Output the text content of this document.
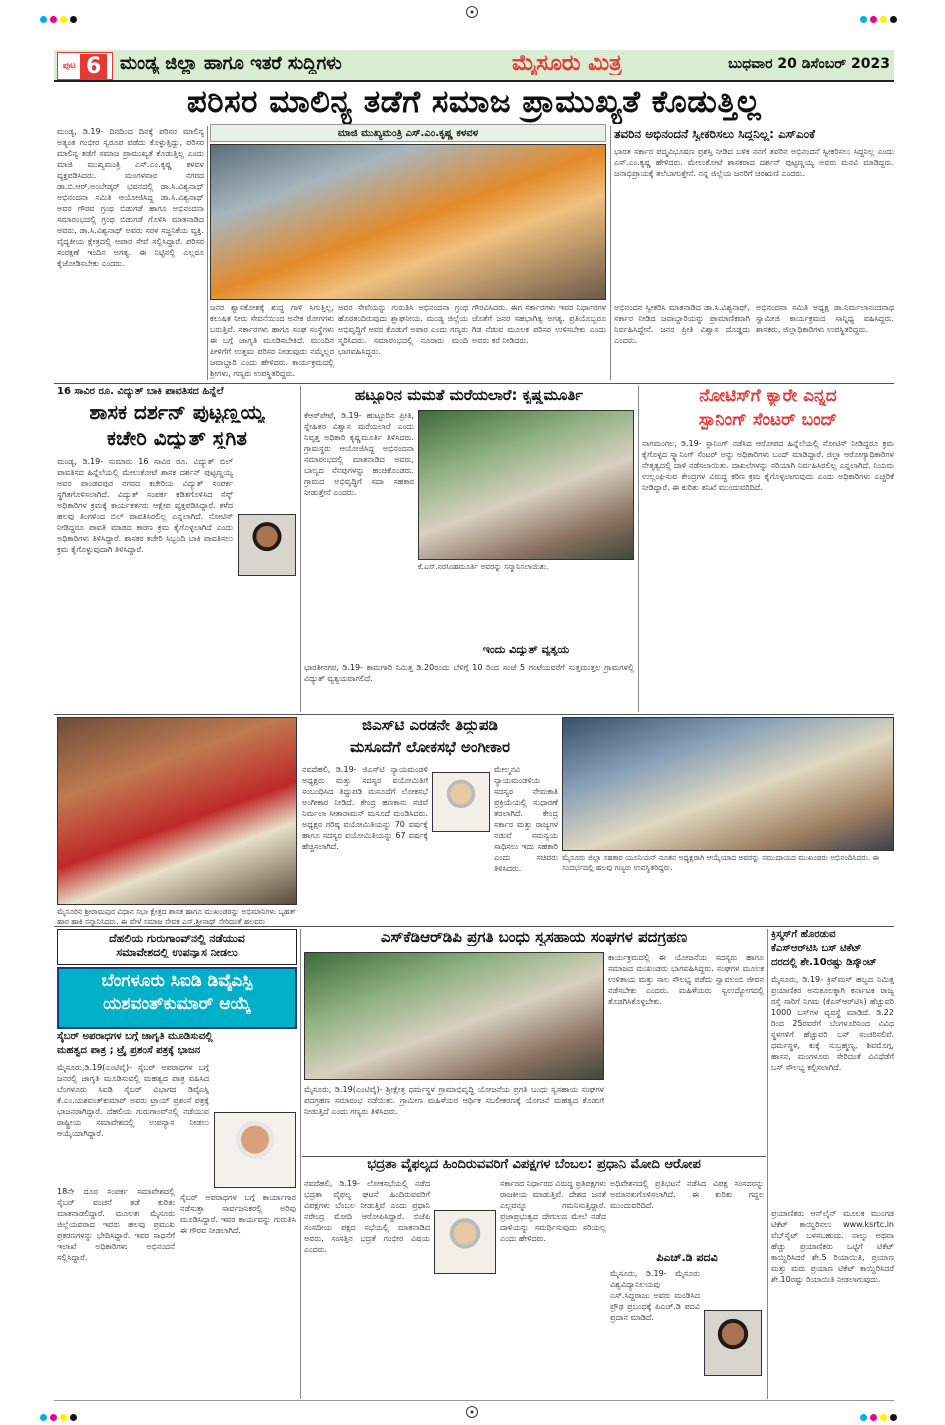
ಪುಟ 6	ಮಂಡ್ಯ ಜಿಲ್ಲಾ ಹಾಗೂ ಇತರೆ ಸುದ್ದಿಗಳು	ಮೈಸೂರು ಮಿತ್ರ	ಬುಧವಾರ 20 ಡಿಸೆಂಬರ್ 2023
ಪರಿಸರ ಮಾಲಿನ್ಯ ತಡೆಗೆ ಸಮಾಜ ಪ್ರಾಮುಖ್ಯತೆ ಕೊಡುತ್ತಿಲ್ಲ
ಮಾಜಿ ಮುಖ್ಯಮಂತ್ರಿ ಎಸ್.ಎಂ.ಕೃಷ್ಣ ಕಳವಳ
ಮಂಡ್ಯ, ಡಿ.19- ದಿನದಿಂದ ದಿನಕ್ಕೆ ಪರಿಸರ ಮಾಲಿನ್ಯ ಅತ್ಯಂತ ಗಂಭೀರ ಸ್ವರೂಪ ಪಡೆದು ಕೊಳ್ಳುತ್ತಿದ್ದು, ಪರಿಸರ ಮಾಲಿನ್ಯ ತಡೆಗೆ ಸಮಾಜ ಪ್ರಾಮುಖ್ಯತೆ ಕೊಡುತ್ತಿಲ್ಲ ಎಂದು ಮಾಜಿ ಮುಖ್ಯಮಂತ್ರಿ ಎಸ್.ಎಂ.ಕೃಷ್ಣ ಕಳವಳ ವ್ಯಕ್ತಪಡಿಸಿದರು. ಮಂಗಳವಾರ ನಗರದ ಡಾ.ಬಿ.ಆರ್.ಅಂಬೇಡ್ಕರ್ ಭವನದಲ್ಲಿ ಡಾ.ಸಿ.ವಿಶ್ವನಾಥ್ ಅಭಿನಂದನಾ ಸಮಿತಿ ಆಯೋಜಿಸಿದ್ದ ಡಾ.ಸಿ.ವಿಶ್ವನಾಥ್ ಅವರ ಗೌರವ ಗ್ರಂಥ ಬಿಡುಗಡೆ ಹಾಗೂ ಅಭಿನಂದನಾ ಸಮಾರಂಭದಲ್ಲಿ ಗ್ರಂಥ ಬಿಡುಗಡೆ ಗೊಳಿಸಿ ಮಾತನಾಡಿದ ಅವರು, ಡಾ.ಸಿ.ವಿಶ್ವನಾಥ್ ಅವರು ಸರಳ ಸಜ್ಜನಿಕೆಯ ವ್ಯಕ್ತಿ. ವೈದ್ಯಕೀಯ ಕ್ಷೇತ್ರದಲ್ಲಿ ಅಪಾರ ಸೇವೆ ಸಲ್ಲಿಸಿದ್ದಾರೆ. ಪರಿಸರ ಸಂರಕ್ಷಣೆ ಇಂದಿನ ಅಗತ್ಯ. ಈ ನಿಟ್ಟಿನಲ್ಲಿ ಎಲ್ಲರೂ ಕೈಜೋಡಿಸಬೇಕು ಎಂದರು.
ಜನರ ಶ್ವಾಸಕೋಶಕ್ಕೆ ಶುದ್ಧ ಗಾಳಿ ಸಿಗುತ್ತಿಲ್ಲ, ಕಲುಷಿತ ನೀರು ಸೇವನೆಯಿಂದ ಅನೇಕ ರೋಗಗಳು ಬರುತ್ತಿವೆ. ಸರ್ಕಾರಗಳು ಹಾಗೂ ಸಂಘ ಸಂಸ್ಥೆಗಳು ಈ ಬಗ್ಗೆ ಜಾಗೃತಿ ಮೂಡಿಸಬೇಕಿದೆ. ಮುಂದಿನ ಪೀಳಿಗೆಗೆ ಉತ್ತಮ ಪರಿಸರ ನೀಡುವುದು ನಮ್ಮೆಲ್ಲರ ಜವಾಬ್ದಾರಿ ಎಂದು ಹೇಳಿದರು. ಕಾರ್ಯಕ್ರಮದಲ್ಲಿ ಶ್ರೀಗಳು, ಗಣ್ಯರು ಉಪಸ್ಥಿತರಿದ್ದರು.
ಅವರ ಸೇವೆಯನ್ನು ಗುರುತಿಸಿ ಅಭಿನಂದನಾ ಗ್ರಂಥ ಹೊರತಂದಿರುವುದು ಶ್ಲಾಘನೀಯ. ಮಂಡ್ಯ ಜಿಲ್ಲೆಯ ಅಭಿವೃದ್ಧಿಗೆ ಅವರ ಕೊಡುಗೆ ಅಪಾರ ಎಂದು ಗಣ್ಯರು ಸ್ಮರಿಸಿದರು. ಸಮಾರಂಭದಲ್ಲಿ ನೂರಾರು ಮಂದಿ ಭಾಗವಹಿಸಿದ್ದರು.
ಗೌರವಿಸಿದರು. ಈಗ ಸರ್ಕಾರಗಳು ಇವರ ನಿರ್ಧಾರಗಳ ಜೊತೆಗೆ ಜನರ ಸಹಭಾಗಿತ್ವ ಅಗತ್ಯ. ಪ್ರತಿಯೊಬ್ಬರೂ ಗಿಡ ನೆಡುವ ಮೂಲಕ ಪರಿಸರ ಉಳಿಸಬೇಕು ಎಂದು ಅವರು ಕರೆ ನೀಡಿದರು.
ತವರಿನ ಅಭಿನಂದನೆ ಸ್ವೀಕರಿಸಲು ಸಿದ್ಧನಿಲ್ಲ: ಎಸ್‌ಎಂಕೆ
ಭಾರತ ಸರ್ಕಾರ ಪದ್ಮವಿಭೂಷಣ ಪ್ರಶಸ್ತಿ ನೀಡಿದ ಬಳಿಕ ನನಗೆ ತವರಿನ ಅಭಿನಂದನೆ ಸ್ವೀಕರಿಸಲು ಸಿದ್ಧನಿಲ್ಲ ಎಂದು ಎಸ್.ಎಂ.ಕೃಷ್ಣ ಹೇಳಿದರು. ಮೇಲುಕೋಟೆ ಶಾಸಕರಾದ ದರ್ಶನ್ ಪುಟ್ಟಣ್ಣಯ್ಯ ಅವರು ಮನವಿ ಮಾಡಿದ್ದರು. ಜನಾಭಿಪ್ರಾಯಕ್ಕೆ ತಲೆಬಾಗುತ್ತೇನೆ. ನನ್ನ ಜಿಲ್ಲೆಯ ಜನರಿಗೆ ಚಿರಋಣಿ ಎಂದರು.
ಅಭಿನಂದನ ಸ್ವೀಕರಿಸಿ ಮಾತನಾಡಿದ ಡಾ.ಸಿ.ವಿಶ್ವನಾಥ್, ಸರ್ಕಾರ ನೀಡಿದ ಜವಾಬ್ದಾರಿಯನ್ನು ಪ್ರಾಮಾಣಿಕವಾಗಿ ನಿರ್ವಹಿಸಿದ್ದೇನೆ. ಜನರ ಪ್ರೀತಿ ವಿಶ್ವಾಸ ದೊಡ್ಡದು ಎಂದರು.
ಅಭಿನಂದನಾ ಸಮಿತಿ ಅಧ್ಯಕ್ಷ ಡಾ.ನಿರ್ಮಲಾನಂದನಾಥ ಸ್ವಾಮೀಜಿ ಕಾರ್ಯಕ್ರಮದ ಸಾನ್ನಿಧ್ಯ ವಹಿಸಿದ್ದರು. ಶಾಸಕರು, ಜಿಲ್ಲಾಧಿಕಾರಿಗಳು ಉಪಸ್ಥಿತರಿದ್ದರು.
16 ಸಾವಿರ ರೂ. ವಿದ್ಯುತ್ ಬಾಕಿ ಪಾವತಿಸದ ಹಿನ್ನೆಲೆ
ಶಾಸಕ ದರ್ಶನ್ ಪುಟ್ಟಣ್ಣಯ್ಯ
ಕಚೇರಿ ವಿದ್ಯುತ್ ಸ್ಥಗಿತ
ಮಂಡ್ಯ, ಡಿ.19- ಸುಮಾರು 16 ಸಾವಿರ ರೂ. ವಿದ್ಯುತ್ ಬಿಲ್ ಪಾವತಿಸದ ಹಿನ್ನೆಲೆಯಲ್ಲಿ ಮೇಲುಕೋಟೆ ಶಾಸಕ ದರ್ಶನ್ ಪುಟ್ಟಣ್ಣಯ್ಯ ಅವರ ಪಾಂಡವಪುರ ನಗರದ ಕಚೇರಿಯ ವಿದ್ಯುತ್ ಸಂಪರ್ಕ ಸ್ಥಗಿತಗೊಳಿಸಲಾಗಿದೆ. ವಿದ್ಯುತ್ ಸಂಪರ್ಕ ಕಡಿತಗೊಳಿಸಿದ ಸೆಸ್ಕ್ ಅಧಿಕಾರಿಗಳ ಕ್ರಮಕ್ಕೆ ಕಾರ್ಯಕರ್ತರು ಆಕ್ಷೇಪ ವ್ಯಕ್ತಪಡಿಸಿದ್ದಾರೆ. ಕಳೆದ ಹಲವು ತಿಂಗಳಿಂದ ಬಿಲ್ ಪಾವತಿಸಿರಲಿಲ್ಲ ಎನ್ನಲಾಗಿದೆ. ನೋಟಿಸ್ ನೀಡಿದ್ದರೂ ಪಾವತಿ ಮಾಡದ ಕಾರಣ ಕ್ರಮ ಕೈಗೊಳ್ಳಲಾಗಿದೆ ಎಂದು ಅಧಿಕಾರಿಗಳು ತಿಳಿಸಿದ್ದಾರೆ. ಶಾಸಕರ ಕಚೇರಿ ಸಿಬ್ಬಂದಿ ಬಾಕಿ ಪಾವತಿಸಲು ಕ್ರಮ ಕೈಗೊಳ್ಳುವುದಾಗಿ ತಿಳಿಸಿದ್ದಾರೆ.
ಹಟ್ಟೂರಿನ ಮಮತೆ ಮರೆಯಲಾರೆ: ಕೃಷ್ಣಮೂರ್ತಿ
ಕೆಆರ್‌ಪೇಟೆ, ಡಿ.19- ಹುಟ್ಟೂರಿನ ಪ್ರೀತಿ, ಸ್ನೇಹಿತರ ವಿಶ್ವಾಸ ಮರೆಯಲಾರೆ ಎಂದು ನಿವೃತ್ತ ಅಧಿಕಾರಿ ಕೃಷ್ಣಮೂರ್ತಿ ತಿಳಿಸಿದರು. ಗ್ರಾಮಸ್ಥರು ಆಯೋಜಿಸಿದ್ದ ಅಭಿನಂದನಾ ಸಮಾರಂಭದಲ್ಲಿ ಮಾತನಾಡಿದ ಅವರು, ಬಾಲ್ಯದ ನೆನಪುಗಳನ್ನು ಹಂಚಿಕೊಂಡರು. ಗ್ರಾಮದ ಅಭಿವೃದ್ಧಿಗೆ ಸದಾ ಸಹಕಾರ ನೀಡುತ್ತೇನೆ ಎಂದರು.
ಕೆ.ಎಸ್.ನರಸಿಂಹಮೂರ್ತಿ ಅವರನ್ನು ಸನ್ಮಾನಿಸಲಾಯಿತು.
ಇಂದು ವಿದ್ಯುತ್ ವ್ಯತ್ಯಯ
ಭಾರತೀನಗರ, ಡಿ.19- ಕಾಮಗಾರಿ ನಿಮಿತ್ತ ಡಿ.20ರಂದು ಬೆಳಿಗ್ಗೆ 10 ರಿಂದ ಸಂಜೆ 5 ಗಂಟೆಯವರೆಗೆ ಸುತ್ತಮುತ್ತಲ ಗ್ರಾಮಗಳಲ್ಲಿ ವಿದ್ಯುತ್ ವ್ಯತ್ಯಯವಾಗಲಿದೆ.
ನೋಟಿಸ್‌ಗೆ ಕ್ಯಾರೇ ಎನ್ನದ
ಸ್ಪಾನಿಂಗ್ ಸೆಂಟರ್ ಬಂದ್
ನಾಗಮಂಗಲ, ಡಿ.19- ಸ್ಪಾನಿಂಗ್ ನಡೆಸಿದ ಆರೋಪದ ಹಿನ್ನೆಲೆಯಲ್ಲಿ ನೋಟಿಸ್ ನೀಡಿದ್ದರೂ ಕ್ರಮ ಕೈಗೊಳ್ಳದ ಸ್ಕ್ಯಾನಿಂಗ್ ಸೆಂಟರ್ ಅನ್ನು ಅಧಿಕಾರಿಗಳು ಬಂದ್ ಮಾಡಿದ್ದಾರೆ. ಜಿಲ್ಲಾ ಆರೋಗ್ಯಾಧಿಕಾರಿಗಳ ನೇತೃತ್ವದಲ್ಲಿ ದಾಳಿ ನಡೆಸಲಾಯಿತು. ದಾಖಲೆಗಳನ್ನು ಸರಿಯಾಗಿ ನಿರ್ವಹಿಸಿರಲಿಲ್ಲ ಎನ್ನಲಾಗಿದೆ. ನಿಯಮ ಉಲ್ಲಂಘಿಸುವ ಕೇಂದ್ರಗಳ ವಿರುದ್ಧ ಕಠಿಣ ಕ್ರಮ ಕೈಗೊಳ್ಳಲಾಗುವುದು ಎಂದು ಅಧಿಕಾರಿಗಳು ಎಚ್ಚರಿಕೆ ನೀಡಿದ್ದಾರೆ. ಈ ಕುರಿತು ತನಿಖೆ ಮುಂದುವರಿದಿದೆ.
ಮೈಸೂರಿನ ಶ್ರೀರಾಮಪುರ ವಿಧಾನ ಸಭಾ ಕ್ಷೇತ್ರದ ಶಾಸಕ ಹಾಗೂ ಮುಖಂಡರನ್ನು ಅಭಿಮಾನಿಗಳು ಬೃಹತ್ ಹಾರ ಹಾಕಿ ಸನ್ಮಾನಿಸಿದರು. ಈ ವೇಳೆ ಸಮಾಜ ಸೇವಕ ಎಸ್.ಶ್ರೀನಾಥ್ ಸೇರಿದಂತೆ ಹಲವರು
ಜಿಎಸ್‌ಟಿ ಎರಡನೇ ತಿದ್ದುಪಡಿ
ಮಸೂದೆಗೆ ಲೋಕಸಭೆ ಅಂಗೀಕಾರ
ನವದೆಹಲಿ, ಡಿ.19- ಜಿಎಸ್‌ಟಿ ನ್ಯಾಯಮಂಡಳಿ ಅಧ್ಯಕ್ಷರು ಮತ್ತು ಸದಸ್ಯರ ವಯೋಮಿತಿಗೆ ಸಂಬಂಧಿಸಿದ ತಿದ್ದುಪಡಿ ಮಸೂದೆಗೆ ಲೋಕಸಭೆ ಅಂಗೀಕಾರ ನೀಡಿದೆ. ಕೇಂದ್ರ ಹಣಕಾಸು ಸಚಿವೆ ನಿರ್ಮಲಾ ಸೀತಾರಾಮನ್ ಮಸೂದೆ ಮಂಡಿಸಿದರು. ಅಧ್ಯಕ್ಷರ ಗರಿಷ್ಠ ವಯೋಮಿತಿಯನ್ನು 70 ವರ್ಷಕ್ಕೆ ಹಾಗೂ ಸದಸ್ಯರ ವಯೋಮಿತಿಯನ್ನು 67 ವರ್ಷಕ್ಕೆ ಹೆಚ್ಚಿಸಲಾಗಿದೆ.
ಮೇಲ್ಮನವಿ ನ್ಯಾಯಮಂಡಳಿಯ ಸದಸ್ಯರ ನೇಮಕಾತಿ ಪ್ರಕ್ರಿಯೆಯಲ್ಲಿ ಸುಧಾರಣೆ ತರಲಾಗಿದೆ. ಕೇಂದ್ರ ಸರ್ಕಾರ ಮತ್ತು ರಾಜ್ಯಗಳ ನಡುವೆ ಸಮನ್ವಯ ಸಾಧಿಸಲು ಇದು ಸಹಕಾರಿ ಎಂದು ಸಚಿವರು ತಿಳಿಸಿದರು.
ಮೈಸೂರು ಜಿಲ್ಲಾ ಸಹಕಾರ ಯೂನಿಯನ್ ನೂತನ ಅಧ್ಯಕ್ಷರಾಗಿ ಆಯ್ಕೆಯಾದ ಅವರನ್ನು ಸಮುದಾಯದ ಮುಖಂಡರು ಅಭಿನಂದಿಸಿದರು. ಈ ಸಂದರ್ಭದಲ್ಲಿ ಹಲವು ಗಣ್ಯರು ಉಪಸ್ಥಿತರಿದ್ದರು.
ದೆಹಲಿಯ ಗುರುಗಾಂವ್‌ನಲ್ಲಿ ನಡೆಯುವ
ಸಮಾವೇಶದಲ್ಲಿ ಉಪನ್ಯಾಸ ನೀಡಲು
ಬೆಂಗಳೂರು ಸಿಐಡಿ ಡಿವೈಎಸ್ಪಿ
ಯಶವಂತ್‌ಕುಮಾರ್ ಆಯ್ಕೆ
ಸೈಬರ್ ಅಪರಾಧಗಳ ಬಗ್ಗೆ ಜಾಗೃತಿ ಮೂಡಿಸುವಲ್ಲಿ
ಮಹತ್ವದ ಪಾತ್ರ ; ಟ್ರೈ ಪ್ರಶಂಸೆ ಪತ್ರಕ್ಕೆ ಭಾಜನ
ಮೈಸೂರು,ಡಿ.19(ಎಂಟಿವೈ)- ಸೈಬರ್ ಅಪರಾಧಗಳ ಬಗ್ಗೆ ಜನರಲ್ಲಿ ಜಾಗೃತಿ ಮೂಡಿಸುವಲ್ಲಿ ಮಹತ್ವದ ಪಾತ್ರ ವಹಿಸಿದ ಬೆಂಗಳೂರು ಸಿಐಡಿ ಸೈಬರ್ ವಿಭಾಗದ ಡಿವೈಎಸ್ಪಿ ಕೆ.ಎಂ.ಯಶವಂತ್‌ಕುಮಾರ್ ಅವರು ಟ್ರಾಯ್ ಪ್ರಶಂಸೆ ಪತ್ರಕ್ಕೆ ಭಾಜನರಾಗಿದ್ದಾರೆ. ದೆಹಲಿಯ ಗುರುಗಾಂವ್‌ನಲ್ಲಿ ನಡೆಯುವ ರಾಷ್ಟ್ರೀಯ ಸಮಾವೇಶದಲ್ಲಿ ಉಪನ್ಯಾಸ ನೀಡಲು ಆಯ್ಕೆಯಾಗಿದ್ದಾರೆ.
18ನೇ ದೂರ ಸಂಪರ್ಕ ಸಮಾವೇಶದಲ್ಲಿ ಸೈಬರ್ ವಂಚನೆ ತಡೆ ಕುರಿತು ಮಾತನಾಡಲಿದ್ದಾರೆ. ಮೂಲತಃ ಮೈಸೂರು ಜಿಲ್ಲೆಯವರಾದ ಇವರು ಹಲವು ಪ್ರಮುಖ ಪ್ರಕರಣಗಳನ್ನು ಭೇದಿಸಿದ್ದಾರೆ. ಇವರ ಸಾಧನೆಗೆ ಇಲಾಖೆ ಅಧಿಕಾರಿಗಳು ಅಭಿನಂದನೆ ಸಲ್ಲಿಸಿದ್ದಾರೆ.
ಸೈಬರ್ ಅಪರಾಧಗಳ ಬಗ್ಗೆ ಕಾರ್ಯಾಗಾರ ನಡೆಸುತ್ತಾ ಸಾರ್ವಜನಿಕರಲ್ಲಿ ಅರಿವು ಮೂಡಿಸಿದ್ದಾರೆ. ಇವರ ಕಾರ್ಯವನ್ನು ಗುರುತಿಸಿ ಈ ಗೌರವ ನೀಡಲಾಗಿದೆ.
ಎಸ್‌ಕೆಡಿಆರ್‌ಡಿಪಿ ಪ್ರಗತಿ ಬಂಧು ಸ್ವಸಹಾಯ ಸಂಘಗಳ ಪದಗ್ರಹಣ
ಮೈಸೂರು, ಡಿ.19(ಎಂಟಿವೈ)- ಶ್ರೀಕ್ಷೇತ್ರ ಧರ್ಮಸ್ಥಳ ಗ್ರಾಮಾಭಿವೃದ್ಧಿ ಯೋಜನೆಯ ಪ್ರಗತಿ ಬಂಧು ಸ್ವಸಹಾಯ ಸಂಘಗಳ ಪದಗ್ರಹಣ ಸಮಾರಂಭ ನಡೆಯಿತು. ಗ್ರಾಮೀಣ ಮಹಿಳೆಯರ ಆರ್ಥಿಕ ಸಬಲೀಕರಣಕ್ಕೆ ಯೋಜನೆ ಮಹತ್ವದ ಕೊಡುಗೆ ನೀಡುತ್ತಿದೆ ಎಂದು ಗಣ್ಯರು ತಿಳಿಸಿದರು.
ಕಾರ್ಯಕ್ರಮದಲ್ಲಿ ಈ ಯೋಜನೆಯ ಸದಸ್ಯರು ಹಾಗೂ ಸಮಾಜದ ಮುಖಂಡರು ಭಾಗವಹಿಸಿದ್ದರು. ಸಂಘಗಳ ಮೂಲಕ ಉಳಿತಾಯ ಮತ್ತು ಸಾಲ ಸೌಲಭ್ಯ ಪಡೆದು ಸ್ವಾವಲಂಬಿ ಜೀವನ ನಡೆಸಬೇಕು ಎಂದರು. ಮಹಿಳೆಯರು ಸ್ವಉದ್ಯೋಗದಲ್ಲಿ ತೊಡಗಿಸಿಕೊಳ್ಳಬೇಕು.
ಕ್ರಿಸ್ಮಸ್‌ಗೆ ಹೊರಡುವ
ಕೆಎಸ್‌ಆರ್‌ಟಿಸಿ ಬಸ್ ಟಿಕೆಟ್
ದರದಲ್ಲಿ ಶೇ.10ರಷ್ಟು ಡಿಸ್ಕೌಂಟ್
ಮೈಸೂರು, ಡಿ.19- ಕ್ರಿಸ್‌ಮಸ್ ಹಬ್ಬದ ನಿಮಿತ್ತ ಪ್ರಯಾಣಿಕರ ಅನುಕೂಲಕ್ಕಾಗಿ ಕರ್ನಾಟಕ ರಾಜ್ಯ ರಸ್ತೆ ಸಾರಿಗೆ ನಿಗಮ (ಕೆಎಸ್‌ಆರ್‌ಟಿಸಿ) ಹೆಚ್ಚುವರಿ 1000 ಬಸ್‌ಗಳ ವ್ಯವಸ್ಥೆ ಮಾಡಿದೆ. ಡಿ.22 ರಿಂದ 25ರವರೆಗೆ ಬೆಂಗಳೂರಿನಿಂದ ವಿವಿಧ ಸ್ಥಳಗಳಿಗೆ ಹೆಚ್ಚುವರಿ ಬಸ್ ಸಂಚರಿಸಲಿವೆ. ಧರ್ಮಸ್ಥಳ, ಕುಕ್ಕೆ ಸುಬ್ರಹ್ಮಣ್ಯ, ಶಿವಮೊಗ್ಗ, ಹಾಸನ, ಮಂಗಳೂರು ಸೇರಿದಂತೆ ವಿವಿಧೆಡೆಗೆ ಬಸ್ ಸೌಲಭ್ಯ ಕಲ್ಪಿಸಲಾಗಿದೆ.
ಪ್ರಯಾಣಿಕರು ಆನ್‌ಲೈನ್ ಮೂಲಕ ಮುಂಗಡ ಟಿಕೆಟ್ ಕಾಯ್ದಿರಿಸಲು www.ksrtc.in ವೆಬ್‌ಸೈಟ್ ಬಳಸಬಹುದು. ನಾಲ್ಕು ಅಥವಾ ಹೆಚ್ಚು ಪ್ರಯಾಣಿಕರು ಒಟ್ಟಿಗೆ ಟಿಕೆಟ್ ಕಾಯ್ದಿರಿಸಿದರೆ ಶೇ.5 ರಿಯಾಯಿತಿ, ಪ್ರಯಾಣ ಮತ್ತು ಮರು ಪ್ರಯಾಣ ಟಿಕೆಟ್ ಕಾಯ್ದಿರಿಸಿದರೆ ಶೇ.10ರಷ್ಟು ರಿಯಾಯಿತಿ ನೀಡಲಾಗುವುದು.
ಭದ್ರತಾ ವೈಫಲ್ಯದ ಹಿಂದಿರುವವರಿಗೆ ವಿಪಕ್ಷಗಳ ಬೆಂಬಲ: ಪ್ರಧಾನಿ ಮೋದಿ ಆರೋಪ
ನವದೆಹಲಿ, ಡಿ.19- ಲೋಕಸಭೆಯಲ್ಲಿ ನಡೆದ ಭದ್ರತಾ ವೈಫಲ್ಯ ಘಟನೆ ಹಿಂದಿರುವವರಿಗೆ ವಿಪಕ್ಷಗಳು ಬೆಂಬಲ ನೀಡುತ್ತಿವೆ ಎಂದು ಪ್ರಧಾನಿ ನರೇಂದ್ರ ಮೋದಿ ಆರೋಪಿಸಿದ್ದಾರೆ. ಬಿಜೆಪಿ ಸಂಸದೀಯ ಪಕ್ಷದ ಸಭೆಯಲ್ಲಿ ಮಾತನಾಡಿದ ಅವರು, ಸಂಸತ್ತಿನ ಭದ್ರತೆ ಗಂಭೀರ ವಿಷಯ ಎಂದರು.
ಸರ್ಕಾರದ ನಿರ್ಧಾರದ ವಿರುದ್ಧ ಪ್ರತಿಪಕ್ಷಗಳು ರಾಜಕೀಯ ಮಾಡುತ್ತಿವೆ. ದೇಶದ ಜನತೆ ಎಲ್ಲವನ್ನೂ ಗಮನಿಸುತ್ತಿದ್ದಾರೆ. ಪ್ರಜಾಪ್ರಭುತ್ವದ ದೇಗುಲದ ಮೇಲೆ ನಡೆದ ದಾಳಿಯನ್ನು ಸಮರ್ಥಿಸುವುದು ಸರಿಯಲ್ಲ ಎಂದು ಹೇಳಿದರು.
ಅಧಿವೇಶನದಲ್ಲಿ ಪ್ರತಿಭಟನೆ ನಡೆಸಿದ ವಿಪಕ್ಷ ಸಂಸದರನ್ನು ಅಮಾನತುಗೊಳಿಸಲಾಗಿದೆ. ಈ ಕುರಿತು ಗದ್ದಲ ಮುಂದುವರಿದಿದೆ.
ಪಿಎಚ್.ಡಿ ಪದವಿ
ಮೈಸೂರು, ಡಿ.19- ಮೈಸೂರು ವಿಶ್ವವಿದ್ಯಾನಿಲಯವು ಎಸ್.ಸಿದ್ದರಾಜು ಅವರು ಮಂಡಿಸಿದ ಪ್ರೌಢ ಪ್ರಬಂಧಕ್ಕೆ ಪಿಎಚ್.ಡಿ ಪದವಿ ಪ್ರದಾನ ಮಾಡಿದೆ.
